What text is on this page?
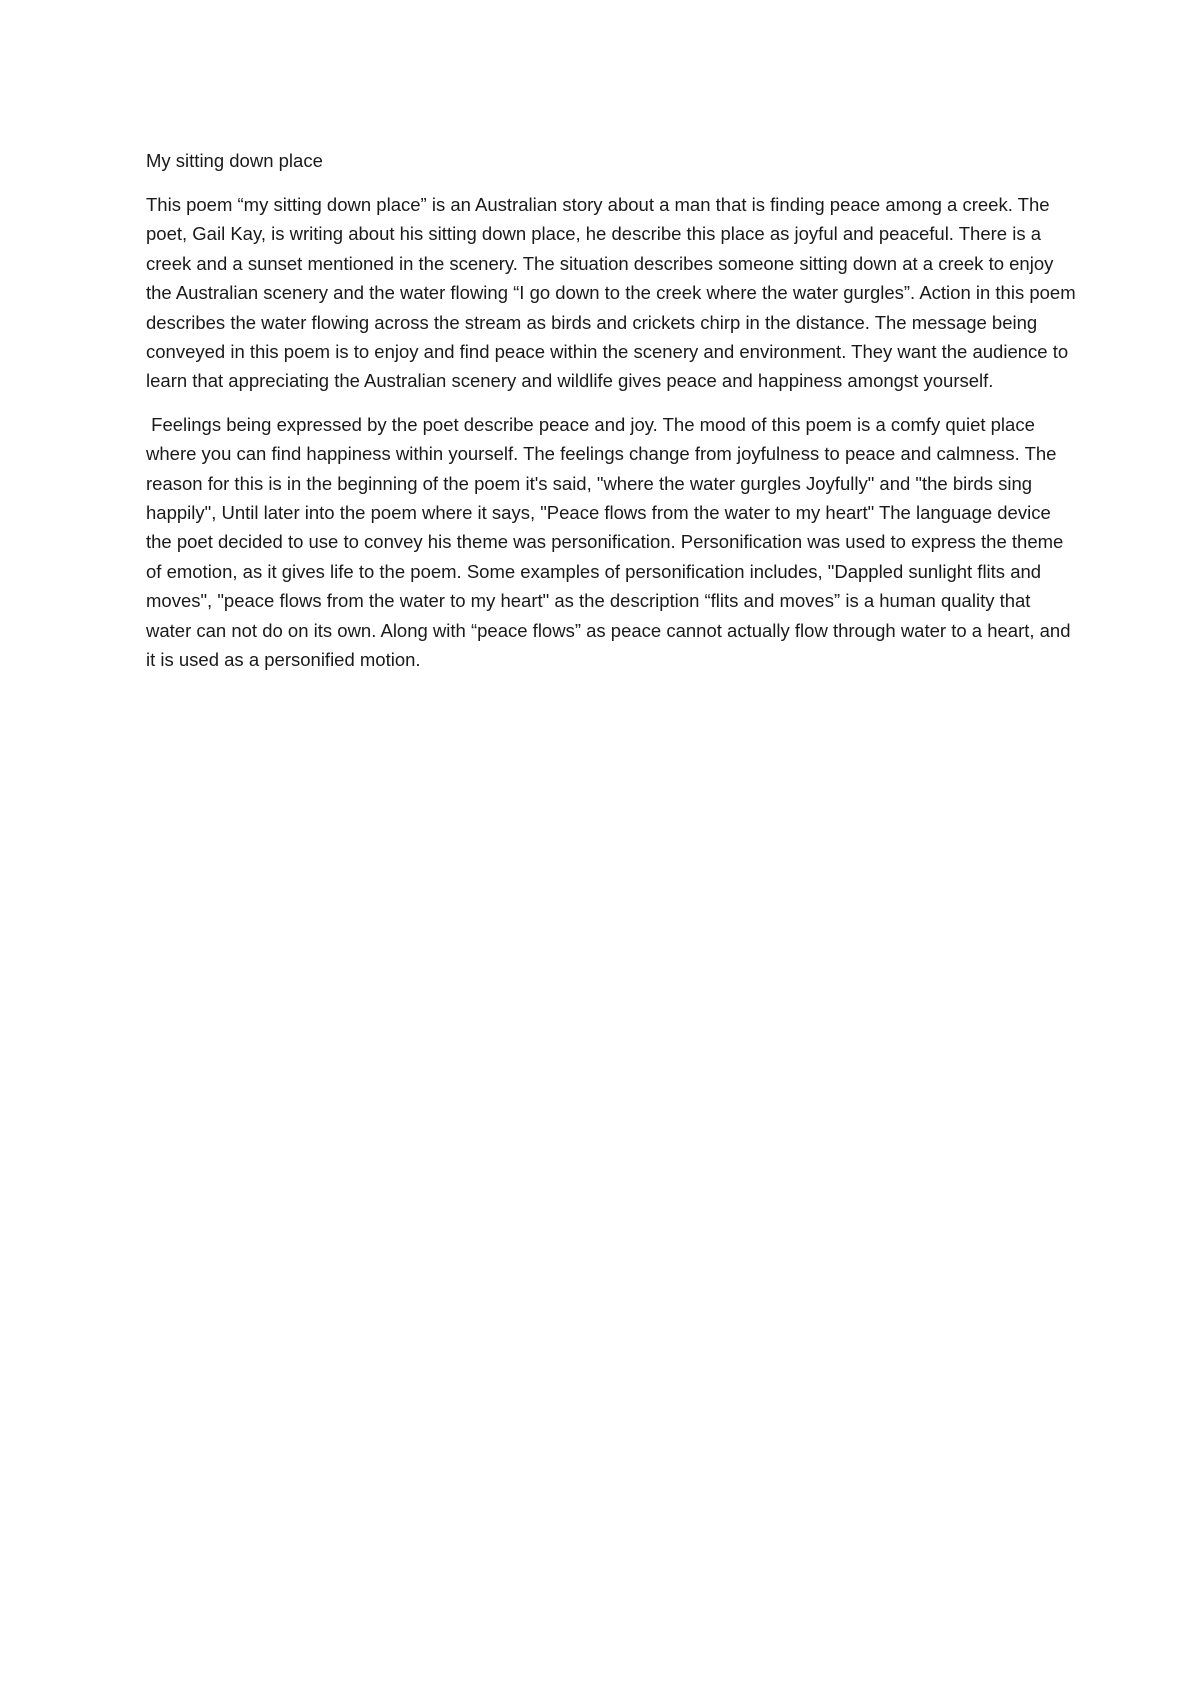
My sitting down place

This poem “my sitting down place” is an Australian story about a man that is finding peace among a creek. The poet, Gail Kay, is writing about his sitting down place, he describe this place as joyful and peaceful. There is a creek and a sunset mentioned in the scenery. The situation describes someone sitting down at a creek to enjoy the Australian scenery and the water flowing “I go down to the creek where the water gurgles”. Action in this poem describes the water flowing across the stream as birds and crickets chirp in the distance. The message being conveyed in this poem is to enjoy and find peace within the scenery and environment. They want the audience to learn that appreciating the Australian scenery and wildlife gives peace and happiness amongst yourself.

Feelings being expressed by the poet describe peace and joy. The mood of this poem is a comfy quiet place where you can find happiness within yourself. The feelings change from joyfulness to peace and calmness. The reason for this is in the beginning of the poem it's said, "where the water gurgles Joyfully" and "the birds sing happily", Until later into the poem where it says, "Peace flows from the water to my heart" The language device the poet decided to use to convey his theme was personification. Personification was used to express the theme of emotion, as it gives life to the poem. Some examples of personification includes, "Dappled sunlight flits and moves", "peace flows from the water to my heart" as the description “flits and moves” is a human quality that water can not do on its own. Along with “peace flows” as peace cannot actually flow through water to a heart, and it is used as a personified motion.
